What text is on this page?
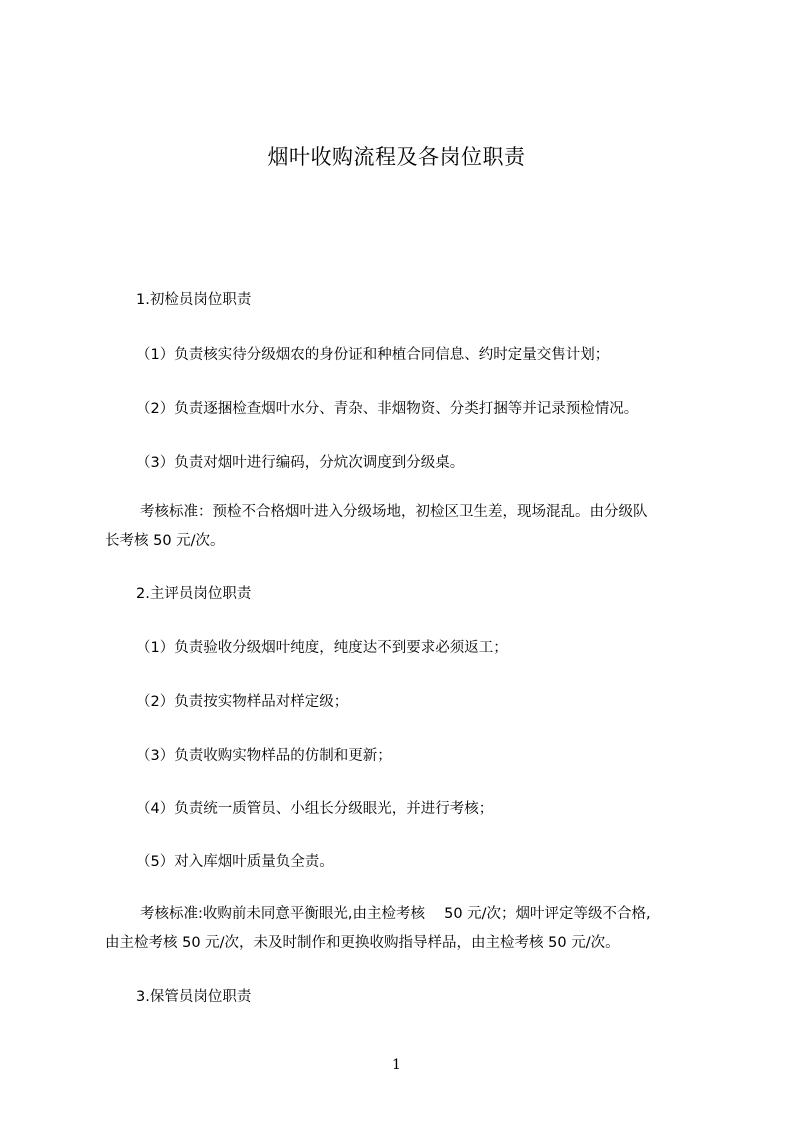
烟叶收购流程及各岗位职责
1.初检员岗位职责
（1）负责核实待分级烟农的身份证和种植合同信息、约时定量交售计划；
（2）负责逐捆检查烟叶水分、青杂、非烟物资、分类打捆等并记录预检情况。
（3）负责对烟叶进行编码，分炕次调度到分级桌。
考核标准：预检不合格烟叶进入分级场地，初检区卫生差，现场混乱。由分级队
长考核 50 元/次。
2.主评员岗位职责
（1）负责验收分级烟叶纯度，纯度达不到要求必须返工；
（2）负责按实物样品对样定级；
（3）负责收购实物样品的仿制和更新；
（4）负责统一质管员、小组长分级眼光，并进行考核；
（5）对入库烟叶质量负全责。
考核标准:收购前未同意平衡眼光,由主检考核　 50 元/次；烟叶评定等级不合格,
由主检考核 50 元/次，未及时制作和更换收购指导样品，由主检考核 50 元/次。
3.保管员岗位职责
1
